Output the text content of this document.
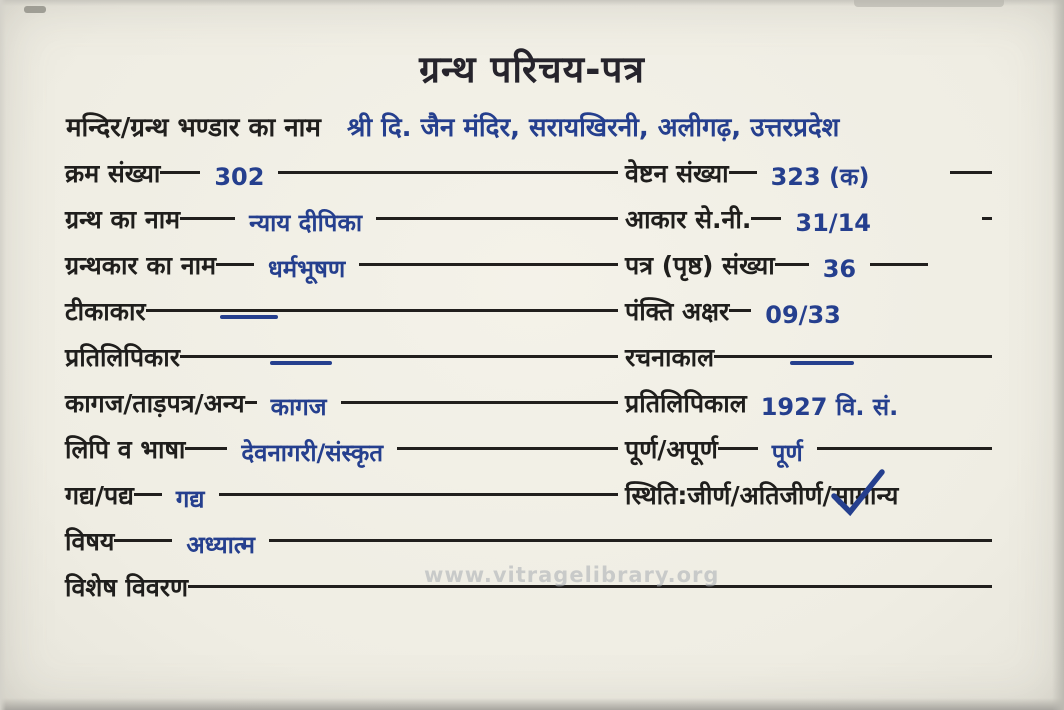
ग्रन्थ परिचय-पत्र
मन्दिर/ग्रन्थ भण्डार का नाम श्री दि. जैन मंदिर, सरायखिरनी, अलीगढ़, उत्तरप्रदेश
क्रम संख्या 302	वेष्टन संख्या 323 (क)
ग्रन्थ का नाम	न्याय दीपिका	आकार से.नी. 31/14
ग्रन्थकार का नाम धर्मभूषण	पत्र (पृष्ठ) संख्या 36
टीकाकार	पंक्ति अक्षर 09/33
प्रतिलिपिकार	रचनाकाल
कागज/ताड़पत्र/अन्य कागज	प्रतिलिपिकाल 1927 वि. सं.
लिपि व भाषा देवनागरी/संस्कृत	पूर्ण/अपूर्ण पूर्ण
गद्य/पद्य गद्य	स्थिति:जीर्ण/अतिजीर्ण/ सामान्य
विषय	अध्यात्म
विशेष विवरण	www.vitragelibrary.org
